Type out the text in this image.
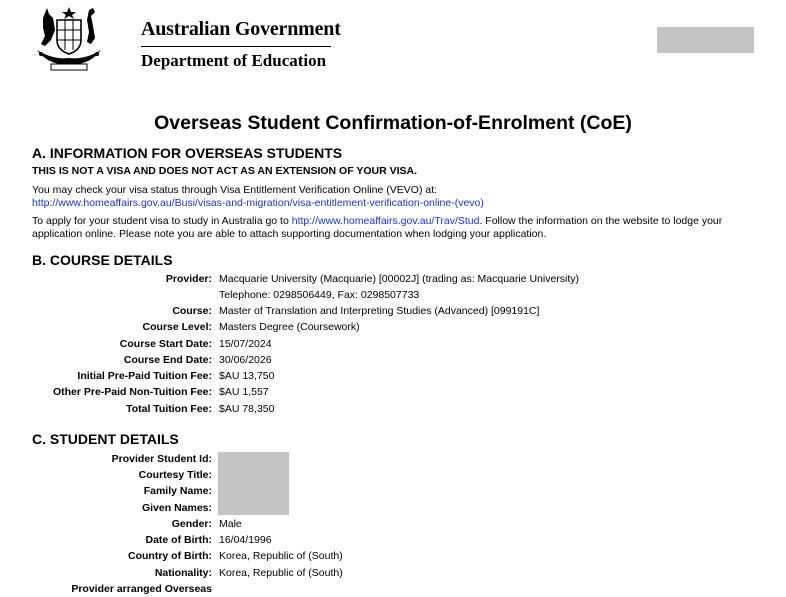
Australian Government
Department of Education
Overseas Student Confirmation-of-Enrolment (CoE)
A. INFORMATION FOR OVERSEAS STUDENTS
THIS IS NOT A VISA AND DOES NOT ACT AS AN EXTENSION OF YOUR VISA.
You may check your visa status through Visa Entitlement Verification Online (VEVO) at:
http://www.homeaffairs.gov.au/Busi/visas-and-migration/visa-entitlement-verification-online-(vevo)
To apply for your student visa to study in Australia go to http://www.homeaffairs.gov.au/Trav/Stud. Follow the information on the website to lodge your
application online. Please note you are able to attach supporting documentation when lodging your application.
B. COURSE DETAILS
Provider: Macquarie University (Macquarie) [00002J] (trading as: Macquarie University)
Telephone: 0298506449, Fax: 0298507733
Course: Master of Translation and Interpreting Studies (Advanced) [099191C]
Course Level: Masters Degree (Coursework)
Course Start Date: 15/07/2024
Course End Date: 30/06/2026
Initial Pre-Paid Tuition Fee: $AU 13,750
Other Pre-Paid Non-Tuition Fee: $AU 1,557
Total Tuition Fee: $AU 78,350
C. STUDENT DETAILS
Provider Student Id:
Courtesy Title:
Family Name:
Given Names:
Gender: Male
Date of Birth: 16/04/1996
Country of Birth: Korea, Republic of (South)
Nationality: Korea, Republic of (South)
Provider arranged Overseas
